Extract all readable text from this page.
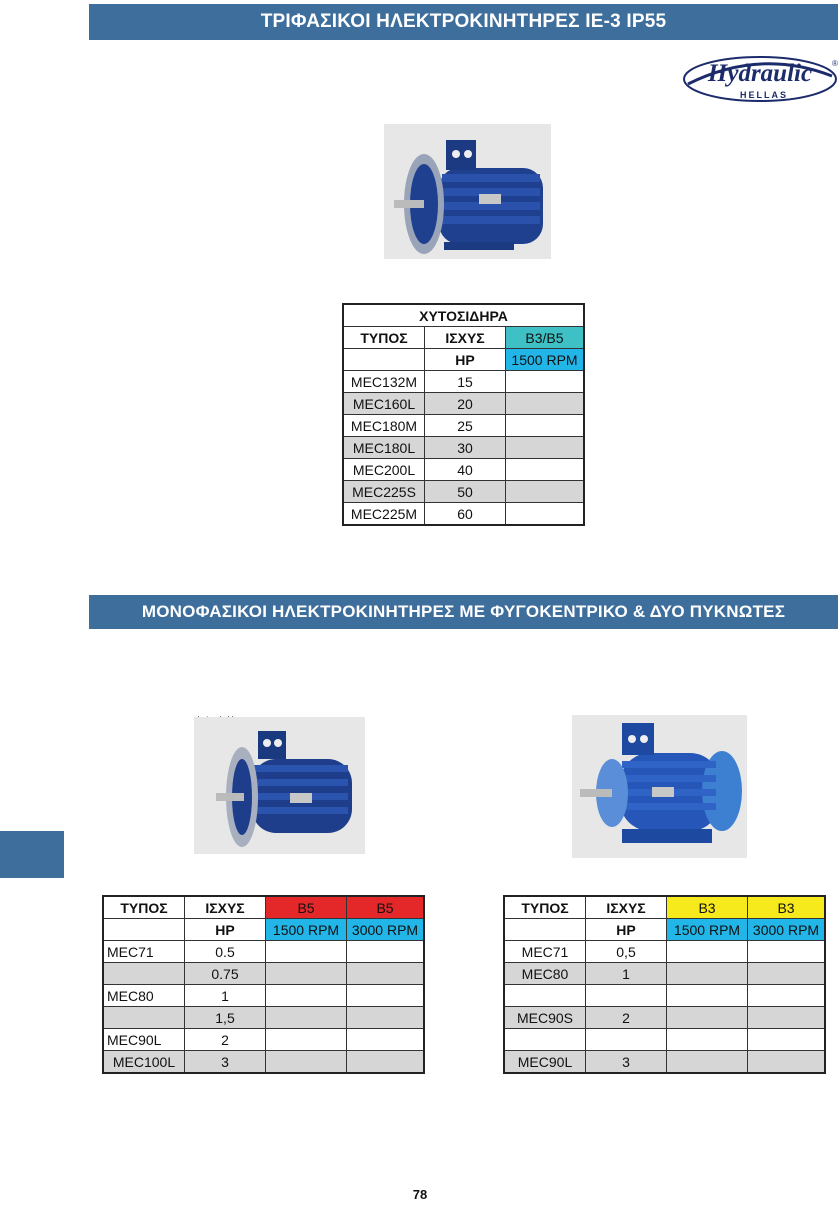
ΤΡΙΦΑΣΙΚΟΙ ΗΛΕΚΤΡΟΚΙΝΗΤΗΡΕΣ IE-3 IP55
Hydraulic
HELLAS
®
ΧΥΤΟΣΙΔΗΡΑ		
ΤΥΠΟΣ	ΙΣΧΥΣ	B3/B5
	HP	1500 RPM
MEC132M	15	
MEC160L	20	
MEC180M	25	
MEC180L	30	
MEC200L	40	
MEC225S	50	
MEC225M	60	
ΜΟΝΟΦΑΣΙΚΟΙ ΗΛΕΚΤΡΟΚΙΝΗΤΗΡΕΣ ΜΕ ΦΥΓΟΚΕΝΤΡΙΚΟ & ΔΥΟ ΠΥΚΝΩΤΕΣ
ΤΥΠΟΣ	ΙΣΧΥΣ	B5	B5
	HP	1500 RPM	3000 RPM
MEC71	0.5		
	0.75		
MEC80	1		
	1,5		
MEC90L	2		
MEC100L	3		
ΤΥΠΟΣ	ΙΣΧΥΣ	B3	B3
	HP	1500 RPM	3000 RPM
MEC71	0,5		
MEC80	1		

MEC90S	2		

MEC90L	3		
78
